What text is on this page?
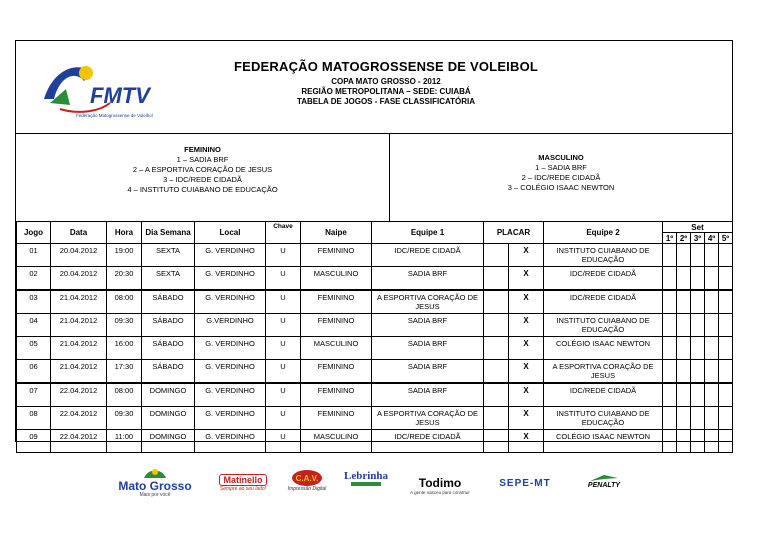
FMTV
Federação Matogrossense de Voleibol
FEDERAÇÃO MATOGROSSENSE DE VOLEIBOL
COPA MATO GROSSO - 2012
REGIÃO METROPOLITANA – SEDE: CUIABÁ
TABELA DE JOGOS - FASE CLASSIFICATÓRIA
FEMININO
1 – SADIA BRF
2 – A ESPORTIVA CORAÇÃO DE JESUS
3 – IDC/REDE CIDADÃ
4 – INSTITUTO CUIABANO DE EDUCAÇÃO
MASCULINO
1 – SADIA BRF
2 – IDC/REDE CIDADÃ
3 – COLÉGIO ISAAC NEWTON
Jogo	Data	Hora	Dia Semana	Local	Chave	Naipe	Equipe 1	PLACAR		Equipe 2	Set				
											1º	2º	3º	4º	5º
01	20.04.2012	19:00	SEXTA	G. VERDINHO	U	FEMININO	IDC/REDE CIDADÃ		X	INSTITUTO CUIABANO DE EDUCAÇÃO					
02	20.04.2012	20:30	SEXTA	G. VERDINHO	U	MASCULINO	SADIA BRF		X	IDC/REDE CIDADÃ					
03	21.04.2012	08:00	SÁBADO	G. VERDINHO	U	FEMININO	A ESPORTIVA CORAÇÃO DE JESUS		X	IDC/REDE CIDADÃ					
04	21.04.2012	09:30	SÁBADO	G.VERDINHO	U	FEMININO	SADIA BRF		X	INSTITUTO CUIABANO DE EDUCAÇÃO					
05	21.04.2012	16:00	SÁBADO	G. VERDINHO	U	MASCULINO	SADIA BRF		X	COLÉGIO ISAAC NEWTON					
06	21.04.2012	17:30	SÁBADO	G. VERDINHO	U	FEMININO	SADIA BRF		X	A ESPORTIVA CORAÇÃO DE JESUS					
07	22.04.2012	08:00	DOMINGO	G. VERDINHO	U	FEMININO	SADIA BRF		X	IDC/REDE CIDADÃ					
08	22.04.2012	09:30	DOMINGO	G. VERDINHO	U	FEMININO	A ESPORTIVA CORAÇÃO DE JESUS		X	INSTITUTO CUIABANO DE EDUCAÇÃO					
09	22.04.2012	11:00	DOMINGO	G. VERDINHO	U	MASCULINO	IDC/REDE CIDADÃ		X	COLÉGIO ISAAC NEWTON					
Mato Grosso
Mais por você
Matinello
Sempre ao seu lado!
C.A.V.
Impressão Digital
Lebrinha	Todimo
A gente nasceu para construir
SEPE-MT	PENALTY
